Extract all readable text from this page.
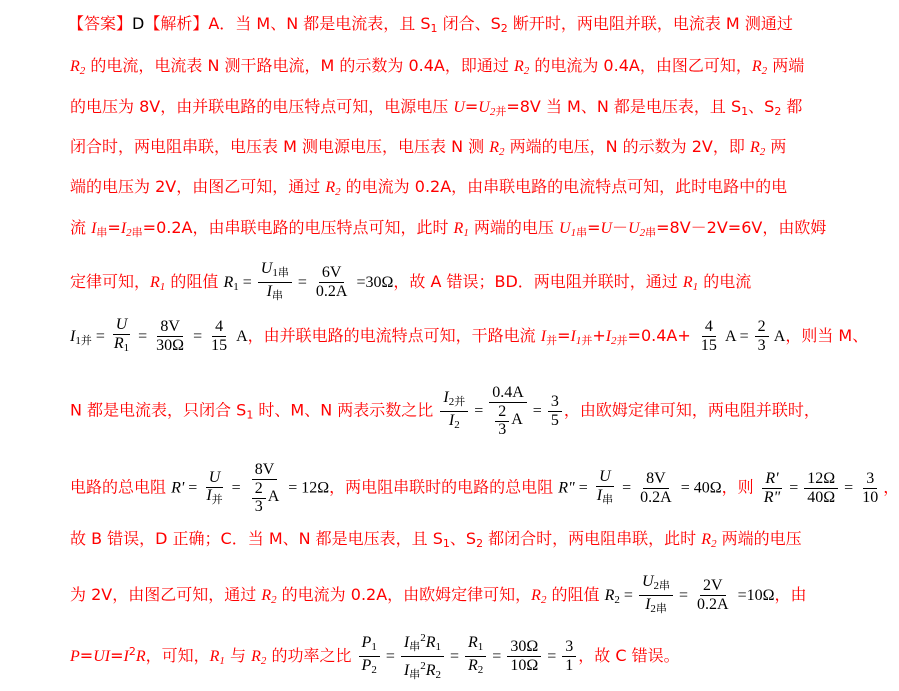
【答案】D【解析】A．当 M、N 都是电流表，且 $S_1$ 闭合、$S_2$ 断开时，两电阻并联，电流表 M 测通过
$R_2$ 的电流，电流表 N 测干路电流，M 的示数为 0.4A，即通过 $R_2$ 的电流为 0.4A，由图乙可知，$R_2$ 两端
的电压为 8V，由并联电路的电压特点可知，电源电压 $U=U_{2并}=8V$ 当 M、N 都是电压表，且 $S_1$、$S_2$ 都
闭合时，两电阻串联，电压表 M 测电源电压，电压表 N 测 $R_2$ 两端的电压，N 的示数为 2V，即 $R_2$ 两
端的电压为 2V，由图乙可知，通过 $R_2$ 的电流为 0.2A，由串联电路的电流特点可知，此时电路中的电
流 $I_串=I_{2串}=0.2A$，由串联电路的电压特点可知，此时 $R_1$ 两端的电压 $U_{1串}=U-U_{2串}=8V-2V=6V$，由欧姆
定律可知，$R_1$ 的阻值 $R_1 = \frac{U_{1串}}{I_串} = \frac{6V}{0.2A} =30\Omega$，故 A 错误；BD．两电阻并联时，通过 $R_1$ 的电流
$I_{1并} = \frac{U}{R_1} = \frac{8V}{30\Omega} = \frac{4}{15}$ A，由并联电路的电流特点可知，干路电流 $I_并=I_{1并}+I_{2并}=0.4A+ \frac{4}{15}$ $A = \frac{2}{3}$ A，则当 M、
N 都是电流表，只闭合 $S_1$ 时、M、N 两表示数之比 $\frac{I_{2并}}{I_2} = \frac{0.4A}{\frac{2}{3} A} = \frac{3}{5}$ ，由欧姆定律可知，两电阻并联时，
电路的总电阻 $R' = \frac{U}{I_并} = \frac{8V}{\frac{2}{3} A} = 12\Omega$，两电阻串联时的电路的总电阻 R" = $\frac{U}{I_串} = \frac{8V}{0.2A} = 40\Omega$，则 $\frac{R'}{R"} = \frac{12\Omega}{40\Omega} = \frac{3}{10}$ ，
故 B 错误，D 正确；C．当 M、N 都是电压表，且 $S_1$、$S_2$ 都闭合时，两电阻串联，此时 $R_2$ 两端的电压
为 2V，由图乙可知，通过 $R_2$ 的电流为 0.2A，由欧姆定律可知，$R_2$ 的阻值 $R_2 = \frac{U_{2串}}{I_{2串}} = \frac{2V}{0.2A} =10\Omega$，由
$P=UI=I^2R$，可知，$R_1$ 与 $R_2$ 的功率之比 $\frac{P_1}{P_2} = \frac{I_串^2R_1}{I_串^2R_2} = \frac{R_1}{R_2} = \frac{30\Omega}{10\Omega} = \frac{3}{1}$ ，故 C 错误。
